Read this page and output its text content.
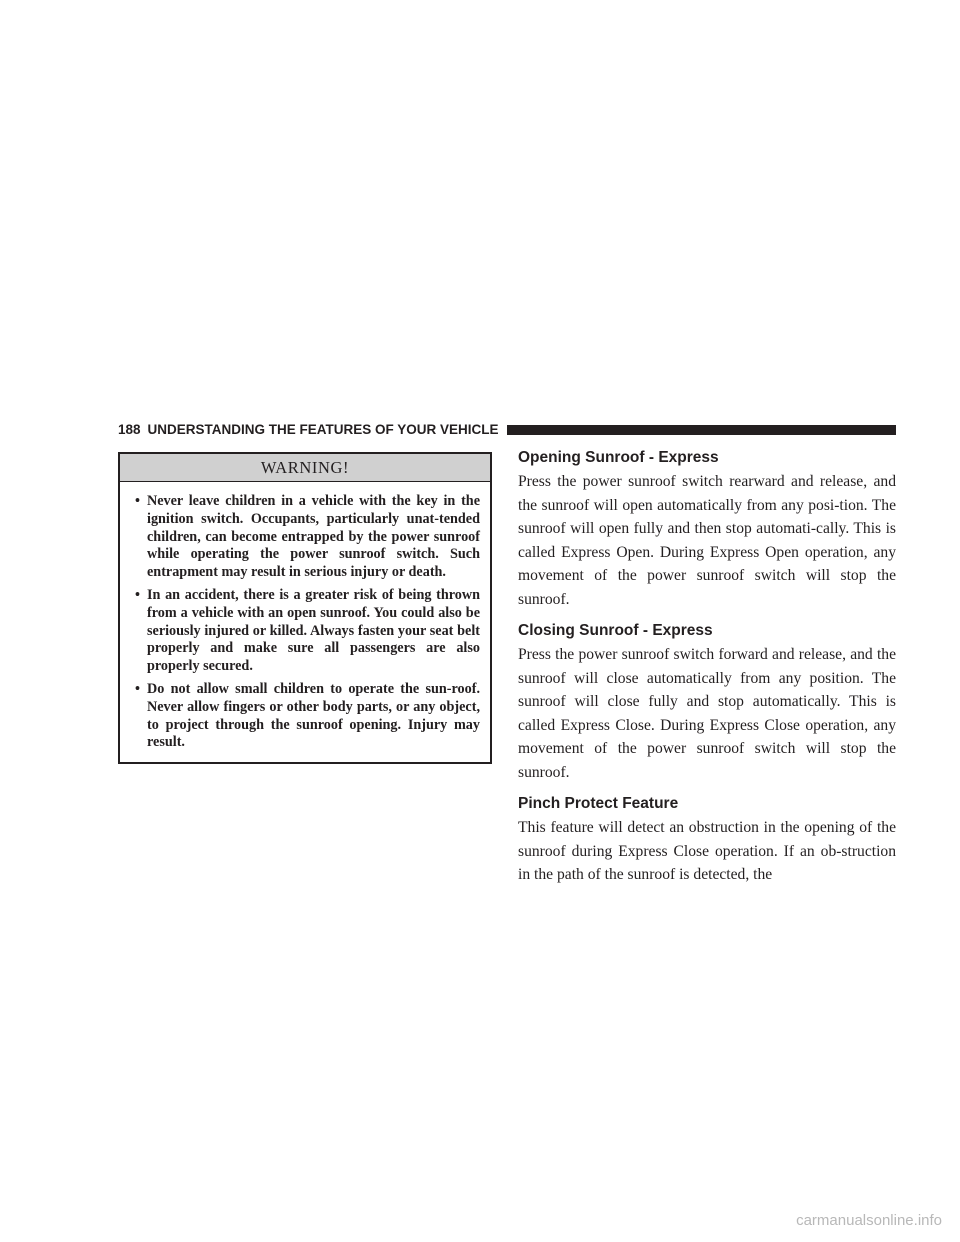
188 UNDERSTANDING THE FEATURES OF YOUR VEHICLE
WARNING!
• Never leave children in a vehicle with the key in the ignition switch. Occupants, particularly unat-tended children, can become entrapped by the power sunroof while operating the power sunroof switch. Such entrapment may result in serious injury or death.
• In an accident, there is a greater risk of being thrown from a vehicle with an open sunroof. You could also be seriously injured or killed. Always fasten your seat belt properly and make sure all passengers are also properly secured.
• Do not allow small children to operate the sun-roof. Never allow fingers or other body parts, or any object, to project through the sunroof opening. Injury may result.
Opening Sunroof - Express

Press the power sunroof switch rearward and release, and the sunroof will open automatically from any posi-tion. The sunroof will open fully and then stop automati-cally. This is called Express Open. During Express Open operation, any movement of the power sunroof switch will stop the sunroof.

Closing Sunroof - Express

Press the power sunroof switch forward and release, and the sunroof will close automatically from any position. The sunroof will close fully and stop automatically. This is called Express Close. During Express Close operation, any movement of the power sunroof switch will stop the sunroof.

Pinch Protect Feature

This feature will detect an obstruction in the opening of the sunroof during Express Close operation. If an ob-struction in the path of the sunroof is detected, the

carmanualsonline.info
